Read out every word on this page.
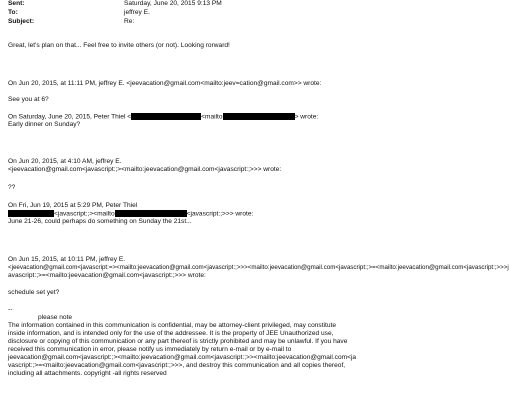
Sent:	Saturday, June 20, 2015 9:13 PM
To:	jeffrey E.
Subject:	Re:
Great, let's plan on that... Feel free to invite others (or not). Looking rorward!
On Jun 20, 2015, at 11:11 PM, jeffrey E. <jeevacation@gmail.com<mailto:jeev=cation@gmail.com>> wrote:
See you at 6?
On Saturday, June 20, 2015, Peter Thiel <	<mailto	> wrote:
Early dinner on Sunday?
On Jun 20, 2015, at 4:10 AM, jeffrey E.
<jeevacation@gmail.com<javascript:;><mailto:jeevacation@gmail.com<javascript:;>>> wrote:
??
On Fri, Jun 19, 2015 at 5:29 PM, Peter Thiel
<javascript:;><mailto	<javascript:;>>> wrote:
June 21-26, could perhaps do something on Sunday the 21st...
On Jun 15, 2015, at 10:11 PM, jeffrey E.
<jeevacation@gmail.com<javascript:=><mailto:jeevacation@gmail.com<javascript:;>>><mailto:jeevacation@gmail.com<javascript:;>=<mailto:jeevacation@gmail.com<javascript:;>>>j
avascript:;>=<mailto:jeevacation@gmail.com<javascript:;>>> wrote:
schedule set yet?
--
please note
The information contained in this communication is confidential, may be attorney-client privileged, may constitute
inside information, and is intended only for the use of the addressee. It is the property of JEE Unauthorized use,
disclosure or copying of this communication or any part thereof is strictly prohibited and may be unlawful. If you have
received this communication in error, please notify us immediately by return e-mail or by e-mail to
jeevacation@gmail.com<javascript:;><mailto:jeevacation@gmail.com<javascript:;>><mailto:jeevacation@gmail.com<ja
vascript:;>=<mailto:jeevacation@gmail.com<javascript:;>>>, and destroy this communication and all copies thereof,
including all attachments. copyright -all rights reserved
